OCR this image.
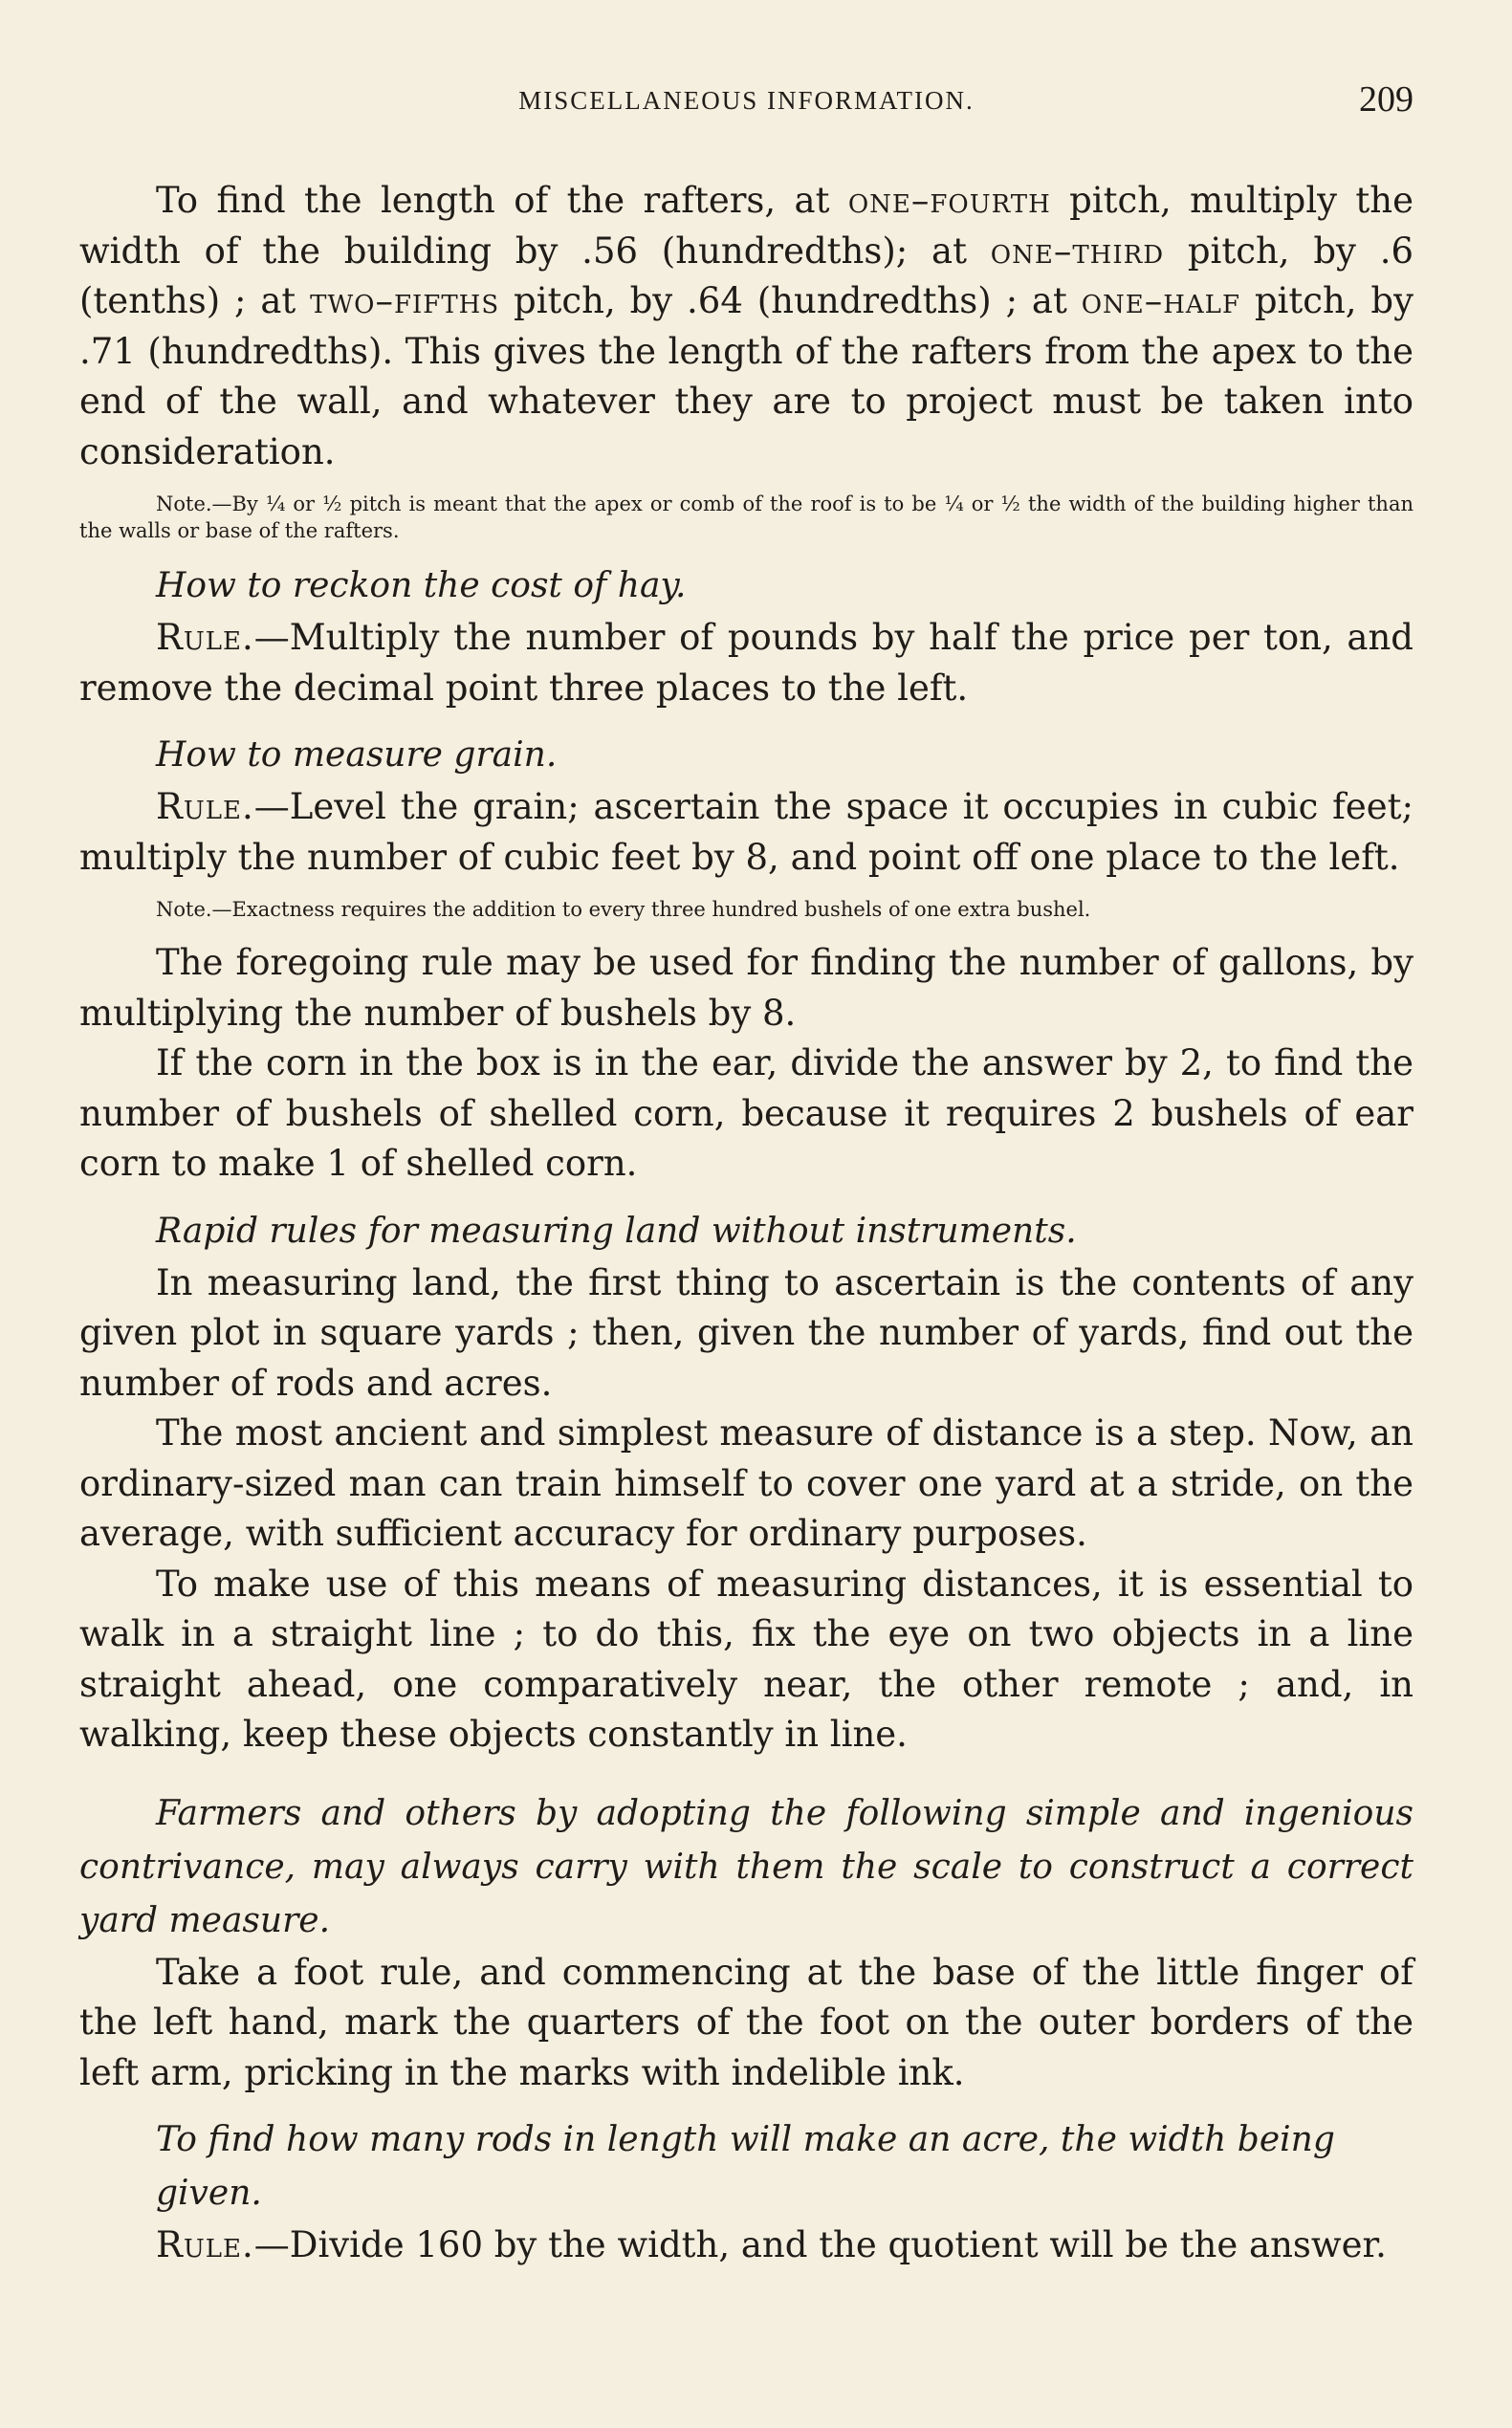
MISCELLANEOUS INFORMATION.	209

To find the length of the rafters, at one–fourth pitch, multiply the width of the building by .56 (hundredths); at one–third pitch, by .6 (tenths) ; at two–fifths pitch, by .64 (hundredths) ; at one–half pitch, by .71 (hundredths). This gives the length of the rafters from the apex to the end of the wall, and whatever they are to project must be taken into consideration.

Note.—By ¼ or ½ pitch is meant that the apex or comb of the roof is to be ¼ or ½ the width of the building higher than the walls or base of the rafters.
How to reckon the cost of hay.

Rule.—Multiply the number of pounds by half the price per ton, and remove the decimal point three places to the left.

How to measure grain.

Rule.—Level the grain; ascertain the space it occupies in cubic feet; multiply the number of cubic feet by 8, and point off one place to the left.

Note.—Exactness requires the addition to every three hundred bushels of one extra bushel.

The foregoing rule may be used for finding the number of gallons, by multiplying the number of bushels by 8.

If the corn in the box is in the ear, divide the answer by 2, to find the number of bushels of shelled corn, because it requires 2 bushels of ear corn to make 1 of shelled corn.

Rapid rules for measuring land without instruments.

In measuring land, the first thing to ascertain is the contents of any given plot in square yards ; then, given the number of yards, find out the number of rods and acres.

The most ancient and simplest measure of distance is a step. Now, an ordinary-sized man can train himself to cover one yard at a stride, on the average, with sufficient accuracy for ordinary purposes.

To make use of this means of measuring distances, it is essential to walk in a straight line ; to do this, fix the eye on two objects in a line straight ahead, one comparatively near, the other remote ; and, in walking, keep these objects constantly in line.

Farmers and others by adopting the following simple and ingenious contrivance, may always carry with them the scale to construct a correct yard measure.

Take a foot rule, and commencing at the base of the little finger of the left hand, mark the quarters of the foot on the outer borders of the left arm, pricking in the marks with indelible ink.

To find how many rods in length will make an acre, the width being given.

Rule.—Divide 160 by the width, and the quotient will be the answer.
